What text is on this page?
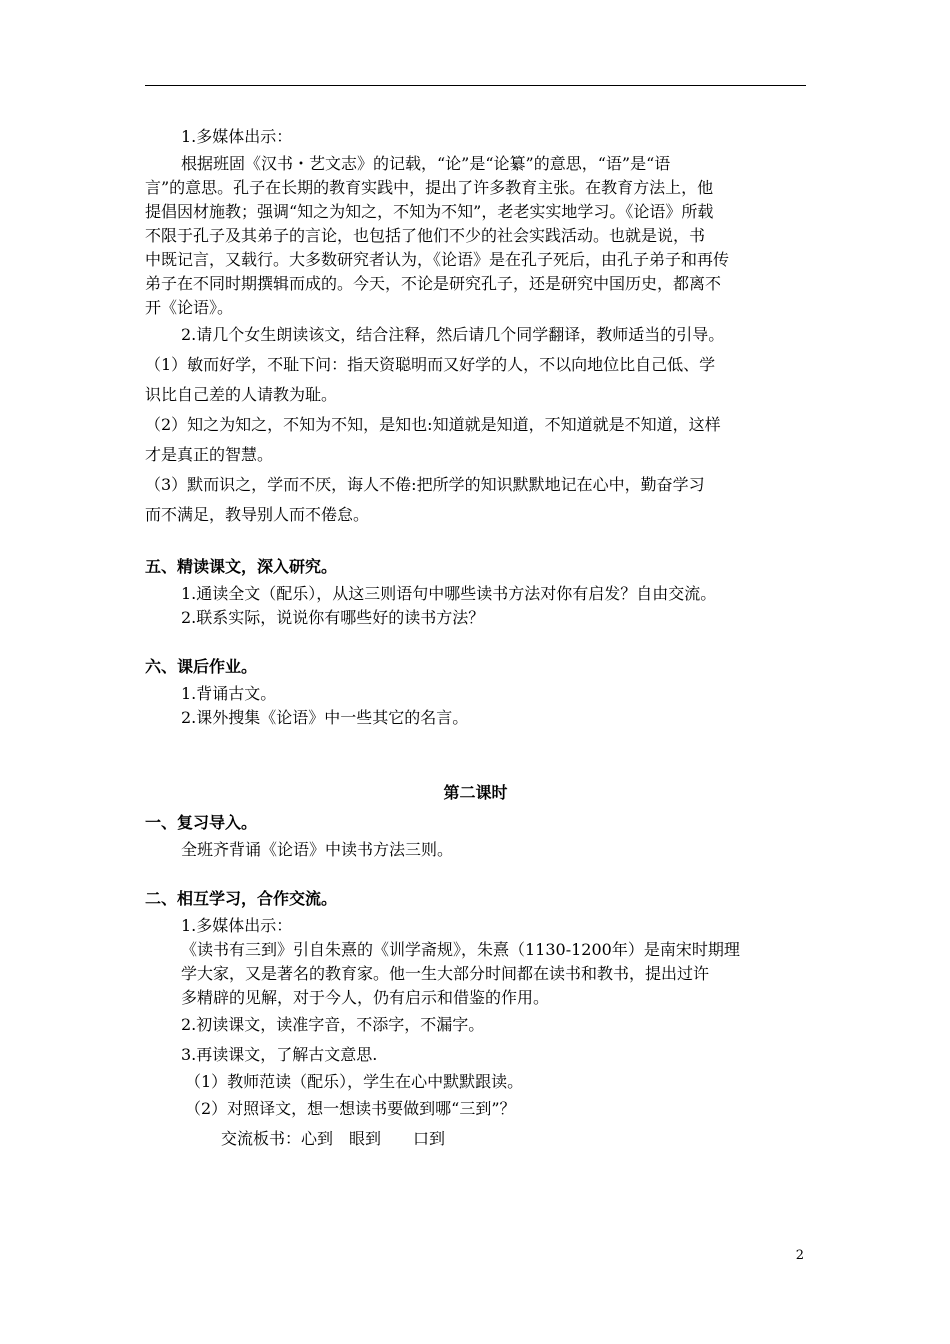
1.多媒体出示：

根据班固《汉书・艺文志》的记载，“论”是“论纂”的意思，“语”是“语

言”的意思。孔子在长期的教育实践中，提出了许多教育主张。在教育方法上，他

提倡因材施教；强调“知之为知之，不知为不知”，老老实实地学习。《论语》所载

不限于孔子及其弟子的言论，也包括了他们不少的社会实践活动。也就是说，书

中既记言，又载行。大多数研究者认为，《论语》是在孔子死后，由孔子弟子和再传

弟子在不同时期撰辑而成的。今天，不论是研究孔子，还是研究中国历史，都离不

开《论语》。

2.请几个女生朗读该文，结合注释，然后请几个同学翻译，教师适当的引导。

（1）敏而好学，不耻下问：指天资聪明而又好学的人，不以向地位比自己低、学

识比自己差的人请教为耻。

（2）知之为知之，不知为不知，是知也:知道就是知道，不知道就是不知道，这样

才是真正的智慧。

（3）默而识之，学而不厌，诲人不倦:把所学的知识默默地记在心中，勤奋学习

而不满足，教导别人而不倦怠。

五、精读课文，深入研究。

1.通读全文（配乐），从这三则语句中哪些读书方法对你有启发？自由交流。

2.联系实际，说说你有哪些好的读书方法？

六、课后作业。

1.背诵古文。

2.课外搜集《论语》中一些其它的名言。

第二课时

一、复习导入。

全班齐背诵《论语》中读书方法三则。

二、相互学习，合作交流。

1.多媒体出示：

《读书有三到》引自朱熹的《训学斋规》，朱熹（1130-1200年）是南宋时期理

学大家，又是著名的教育家。他一生大部分时间都在读书和教书，提出过许

多精辟的见解，对于今人，仍有启示和借鉴的作用。

2.初读课文，读准字音，不添字，不漏字。

3.再读课文，了解古文意思.

（1）教师范读（配乐），学生在心中默默跟读。

（2）对照译文，想一想读书要做到哪“三到”？

交流板书：心到　眼到　　口到

2
